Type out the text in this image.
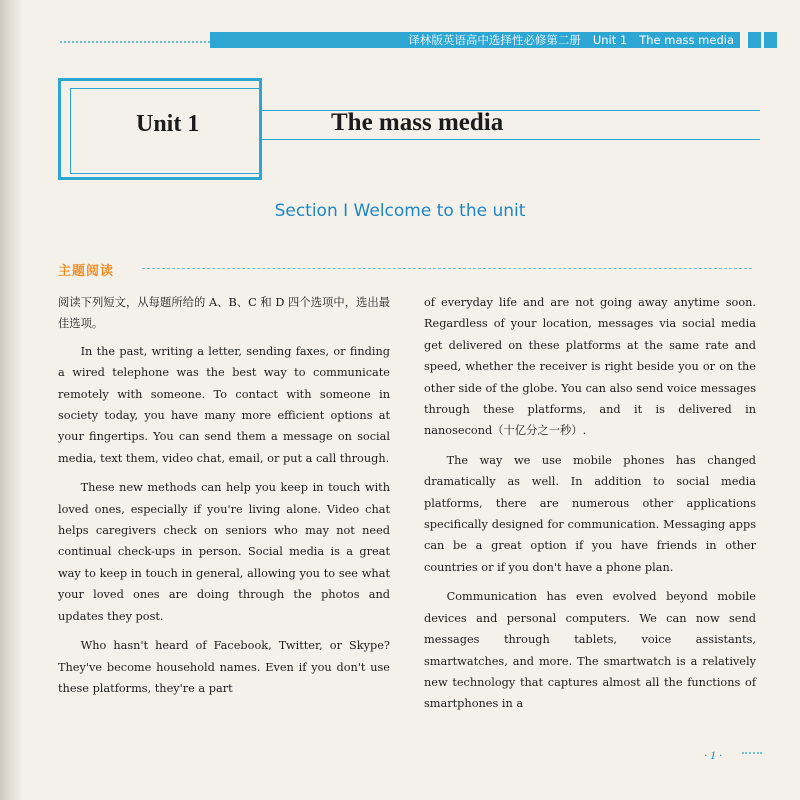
译林版英语高中选择性必修第二册 Unit 1 The mass media
Unit 1	The mass media
Section Ⅰ Welcome to the unit
主题阅读

阅读下列短文，从每题所给的 A、B、C 和 D 四个选项中，选出最佳选项。

In the past, writing a letter, sending faxes, or finding a wired telephone was the best way to communicate remotely with someone. To contact with someone in society today, you have many more efficient options at your fingertips. You can send them a message on social media, text them, video chat, email, or put a call through.

These new methods can help you keep in touch with loved ones, especially if you're living alone. Video chat helps caregivers check on seniors who may not need continual check-ups in person. Social media is a great way to keep in touch in general, allowing you to see what your loved ones are doing through the photos and updates they post.

Who hasn't heard of Facebook, Twitter, or Skype? They've become household names. Even if you don't use these platforms, they're a part

of everyday life and are not going away anytime soon. Regardless of your location, messages via social media get delivered on these platforms at the same rate and speed, whether the receiver is right beside you or on the other side of the globe. You can also send voice messages through these platforms, and it is delivered in nanosecond（十亿分之一秒）.

The way we use mobile phones has changed dramatically as well. In addition to social media platforms, there are numerous other applications specifically designed for communication. Messaging apps can be a great option if you have friends in other countries or if you don't have a phone plan.

Communication has even evolved beyond mobile devices and personal computers. We can now send messages through tablets, voice assistants, smartwatches, and more. The smartwatch is a relatively new technology that captures almost all the functions of smartphones in a

· 1 ·
